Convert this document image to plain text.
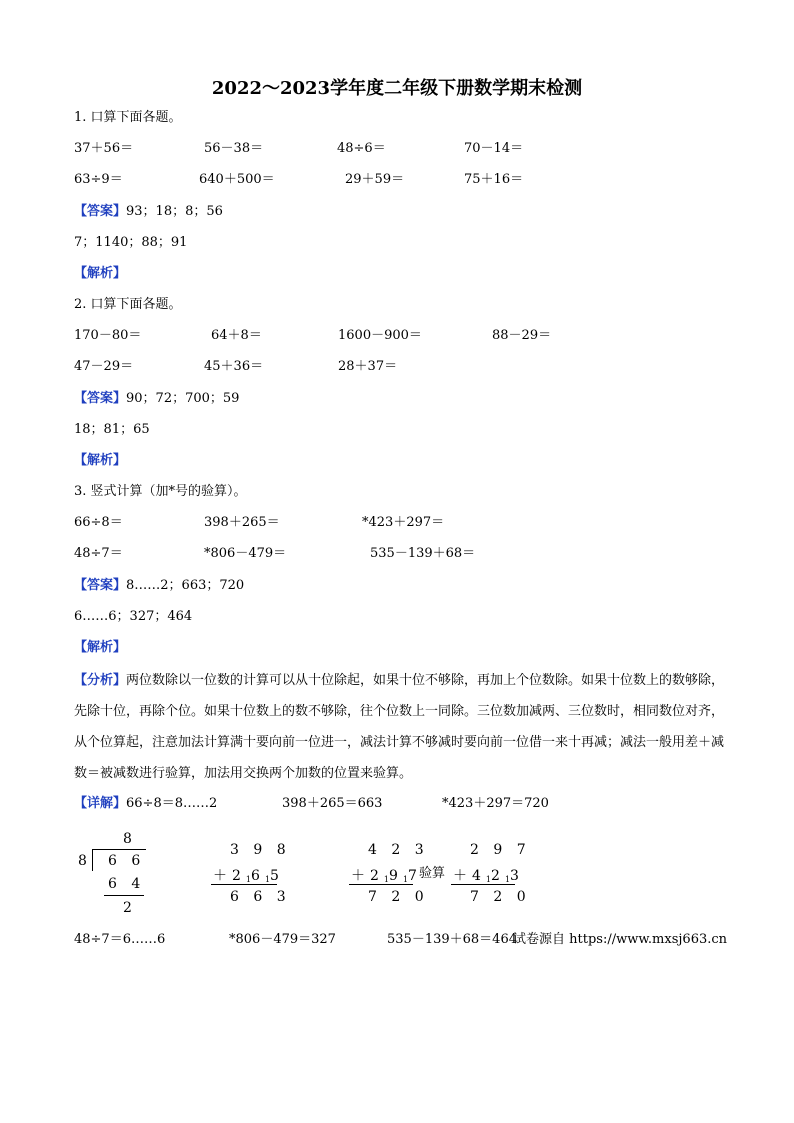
2022～2023学年度二年级下册数学期末检测
1. 口算下面各题。
37＋56＝	56－38＝	48÷6＝	70－14＝
63÷9＝	640＋500＝	29＋59＝	75＋16＝
【答案】93；18；8；56
7；1140；88；91
【解析】
2. 口算下面各题。
170－80＝	64＋8＝	1600－900＝	88－29＝
47－29＝	45＋36＝	28＋37＝
【答案】90；72；700；59
18；81；65
【解析】
3. 竖式计算（加*号的验算）。
66÷8＝	398＋265＝	*423＋297＝
48÷7＝	*806－479＝	535－139＋68＝
【答案】8……2；663；720
6……6；327；464
【解析】
【分析】两位数除以一位数的计算可以从十位除起，如果十位不够除，再加上个位数除。如果十位数上的数够除，先除十位，再除个位。如果十位数上的数不够除，往个位数上一同除。三位数加减两、三位数时，相同数位对齐，从个位算起，注意加法计算满十要向前一位进一，减法计算不够减时要向前一位借一来十再减；减法一般用差＋减数＝被减数进行验算，加法用交换两个加数的位置来验算。
【详解】66÷8＝8……2	398＋265＝663	*423＋297＝720
8
8 6 6
6 4
2
3 9 8
＋21615
6 6 3
4 2 3
＋21917
7 2 0
验算
2 9 7
＋41213
7 2 0
48÷7＝6……6	*806－479＝327	535－139＋68＝464
试卷源自 https://www.mxsj663.cn
